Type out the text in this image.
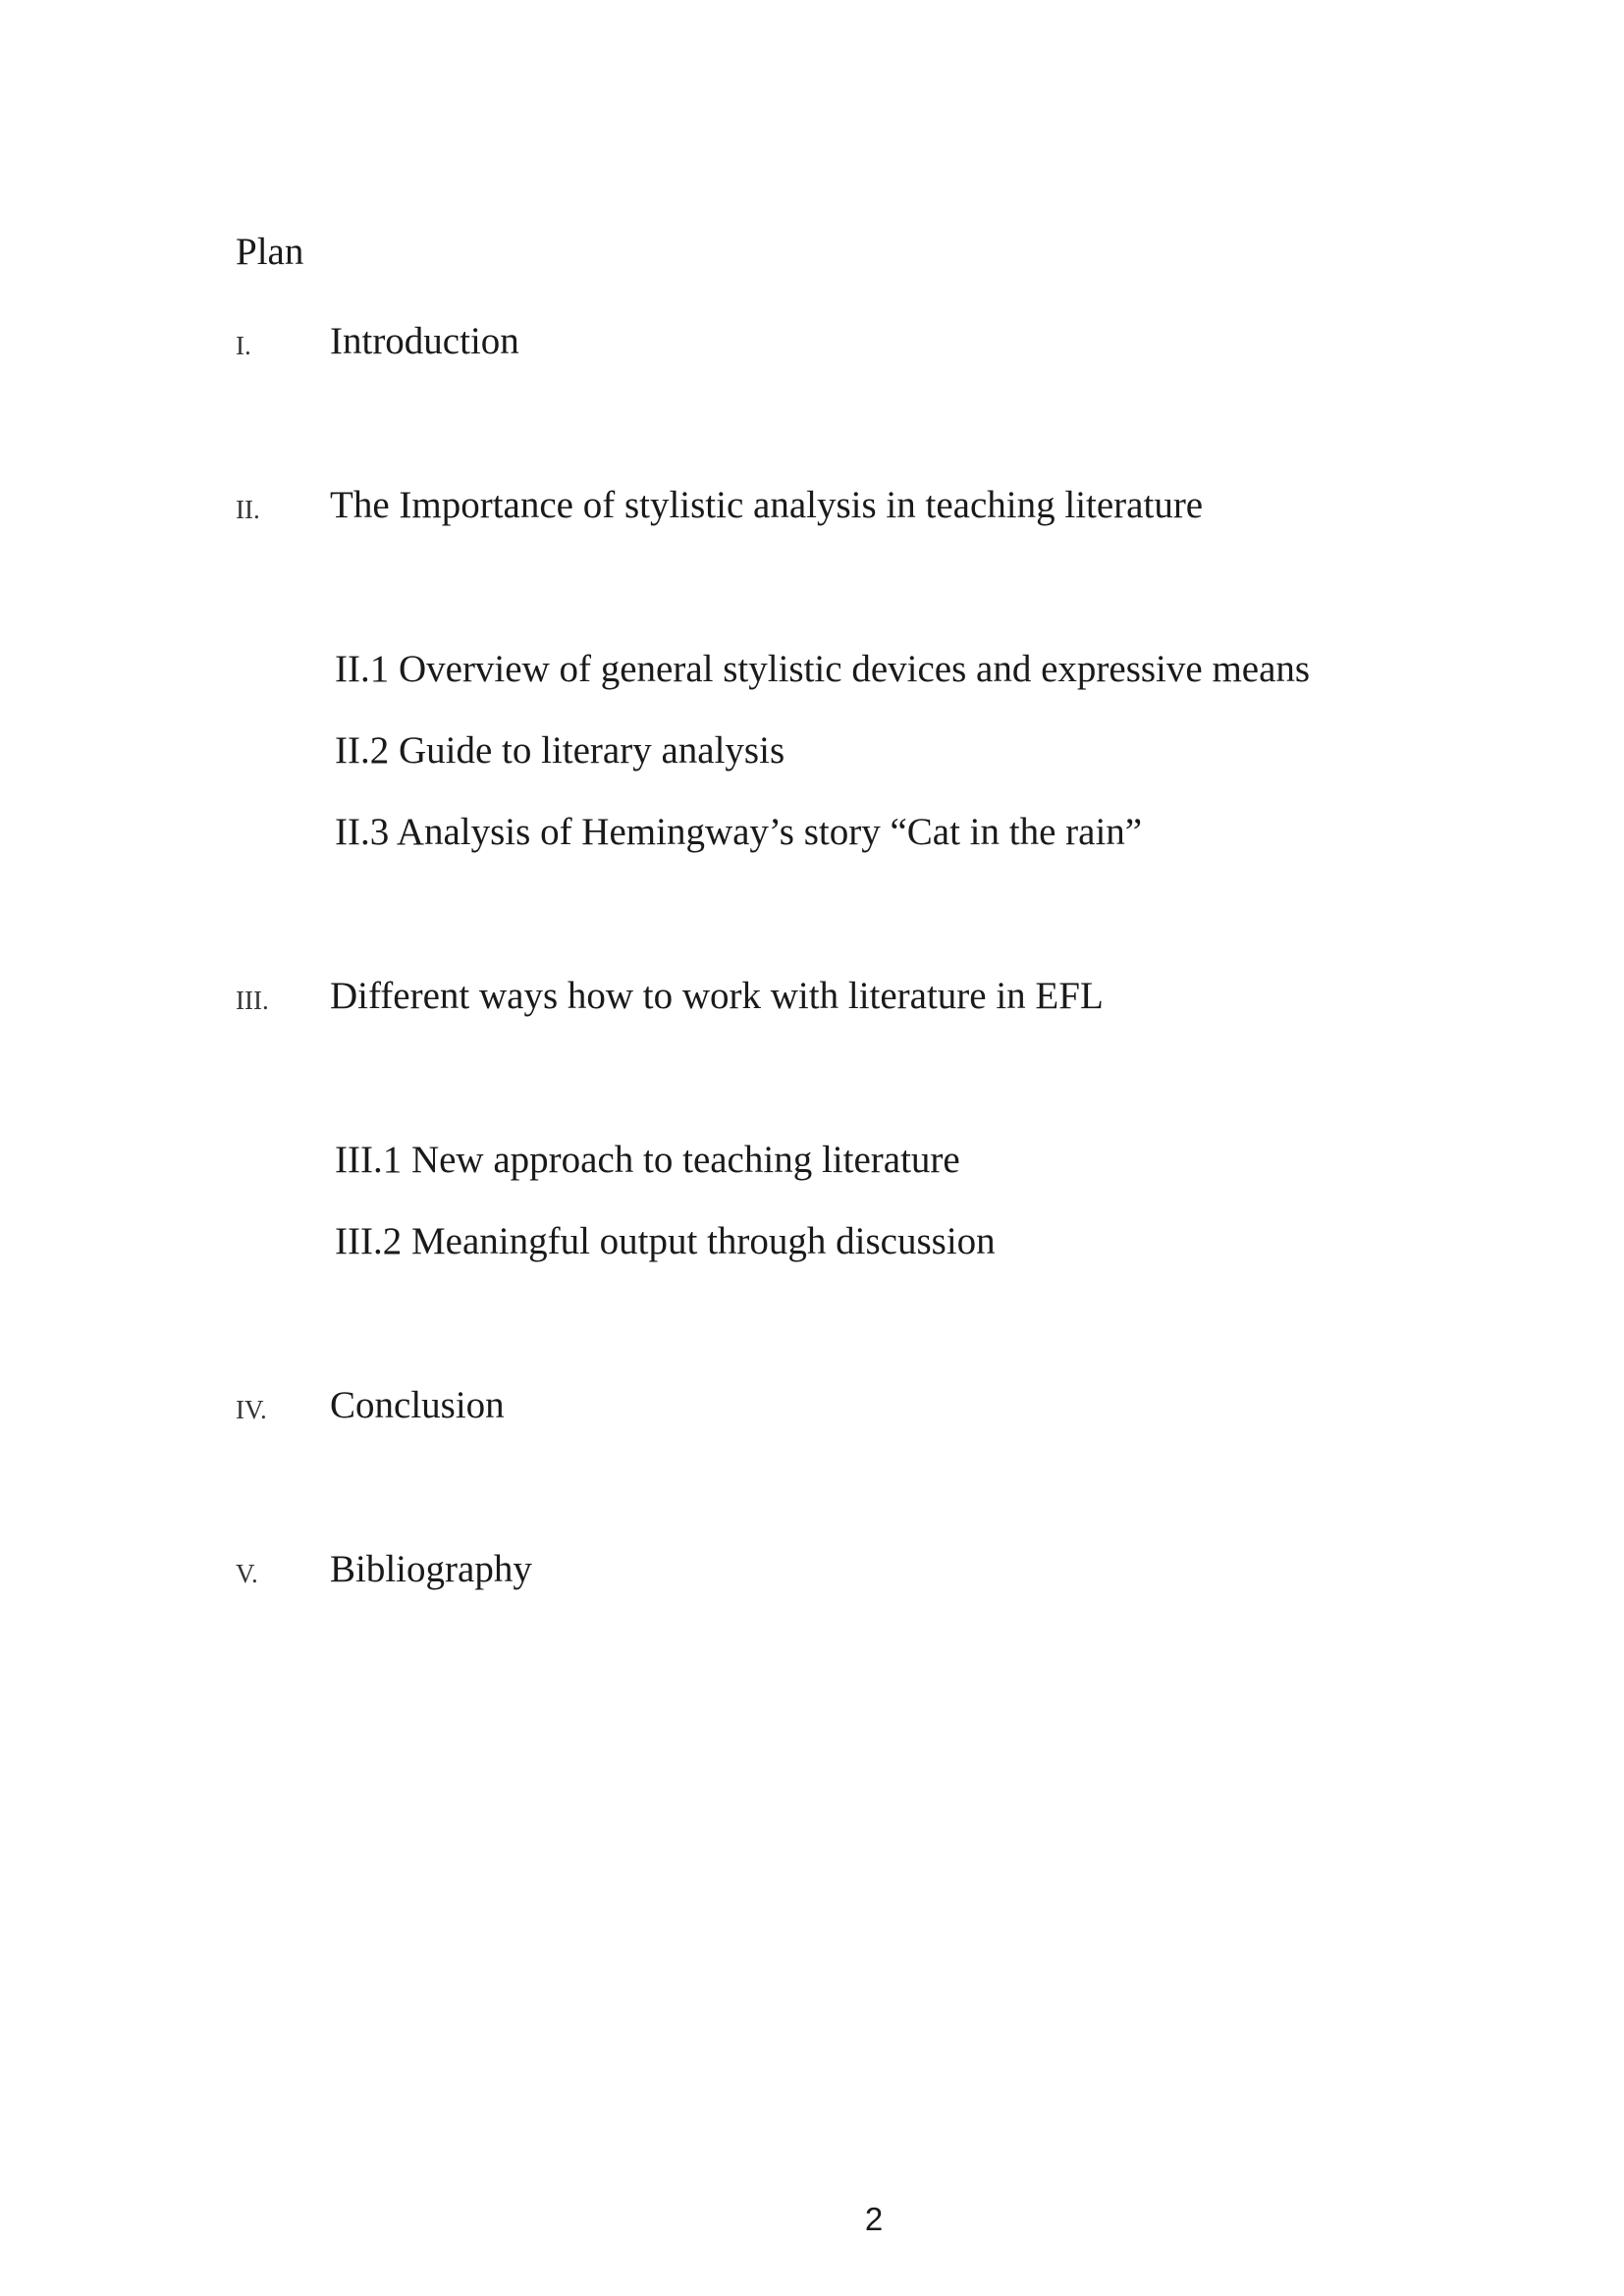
Plan
I. Introduction
II. The Importance of stylistic analysis in teaching literature
II.1 Overview of general stylistic devices and expressive means
II.2 Guide to literary analysis
II.3 Analysis of Hemingway’s story “Cat in the rain”
III. Different ways how to work with literature in EFL
III.1 New approach to teaching literature
III.2 Meaningful output through discussion
IV. Conclusion
V. Bibliography
2
